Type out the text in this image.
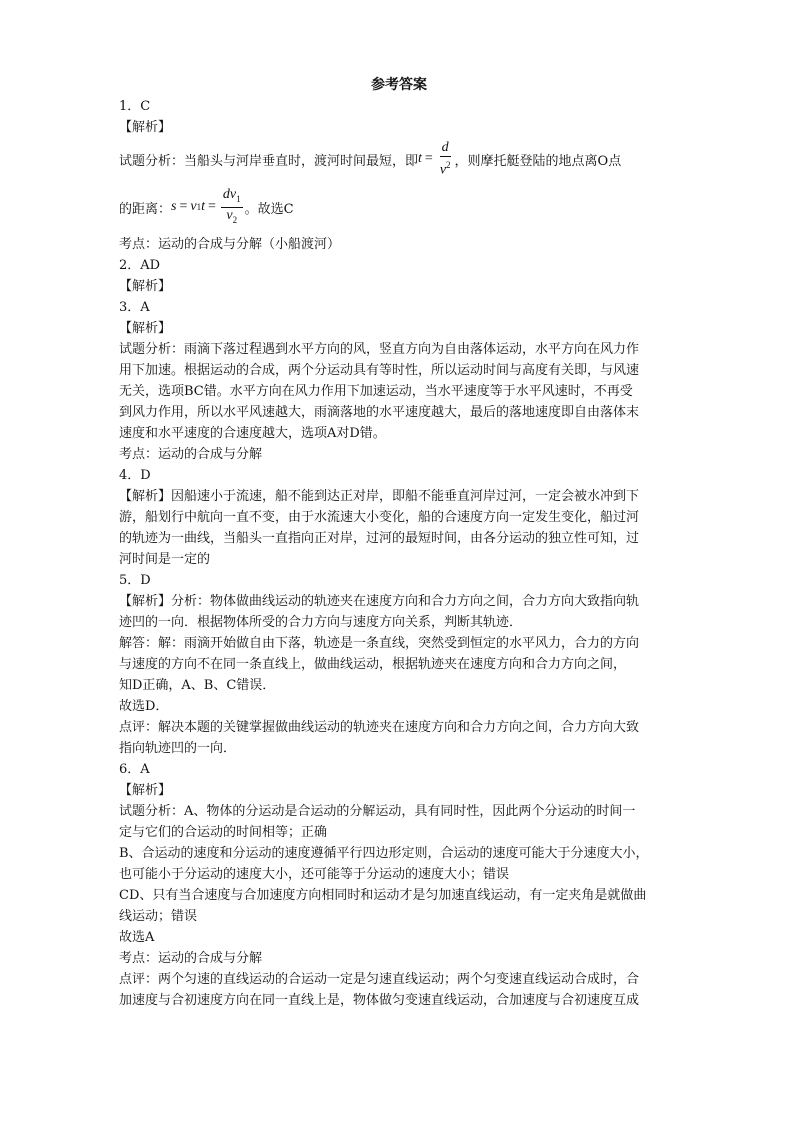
参考答案
1．C
【解析】
试题分析：当船头与河岸垂直时，渡河时间最短，即 $t = \frac{d}{v^2}$ ，则摩托艇登陆的地点离O点
的距离： s = v 1 $t = \frac{dv_1}{v_2}$ 。故选C
考点：运动的合成与分解（小船渡河）
2．AD
【解析】
3．A
【解析】
试题分析：雨滴下落过程遇到水平方向的风，竖直方向为自由落体运动，水平方向在风力作
用下加速。根据运动的合成，两个分运动具有等时性，所以运动时间与高度有关即，与风速
无关，选项BC错。水平方向在风力作用下加速运动，当水平速度等于水平风速时，不再受
到风力作用，所以水平风速越大，雨滴落地的水平速度越大，最后的落地速度即自由落体末
速度和水平速度的合速度越大，选项A对D错。
考点：运动的合成与分解
4．D
【解析】因船速小于流速，船不能到达正对岸，即船不能垂直河岸过河，一定会被水冲到下
游，船划行中航向一直不变，由于水流速大小变化，船的合速度方向一定发生变化，船过河
的轨迹为一曲线，当船头一直指向正对岸，过河的最短时间，由各分运动的独立性可知，过
河时间是一定的
5．D
【解析】分析：物体做曲线运动的轨迹夹在速度方向和合力方向之间，合力方向大致指向轨
迹凹的一向．根据物体所受的合力方向与速度方向关系，判断其轨迹．
解答：解：雨滴开始做自由下落，轨迹是一条直线，突然受到恒定的水平风力，合力的方向
与速度的方向不在同一条直线上，做曲线运动，根据轨迹夹在速度方向和合力方向之间，
知D正确，A、B、C错误．
故选D．
点评：解决本题的关键掌握做曲线运动的轨迹夹在速度方向和合力方向之间，合力方向大致
指向轨迹凹的一向．
6．A
【解析】
试题分析：A、物体的分运动是合运动的分解运动，具有同时性，因此两个分运动的时间一
定与它们的合运动的时间相等；正确
B、合运动的速度和分运动的速度遵循平行四边形定则，合运动的速度可能大于分速度大小，
也可能小于分运动的速度大小，还可能等于分运动的速度大小；错误
CD、只有当合速度与合加速度方向相同时和运动才是匀加速直线运动，有一定夹角是就做曲
线运动；错误
故选A
考点：运动的合成与分解
点评：两个匀速的直线运动的合运动一定是匀速直线运动；两个匀变速直线运动合成时，合
加速度与合初速度方向在同一直线上是，物体做匀变速直线运动，合加速度与合初速度互成
